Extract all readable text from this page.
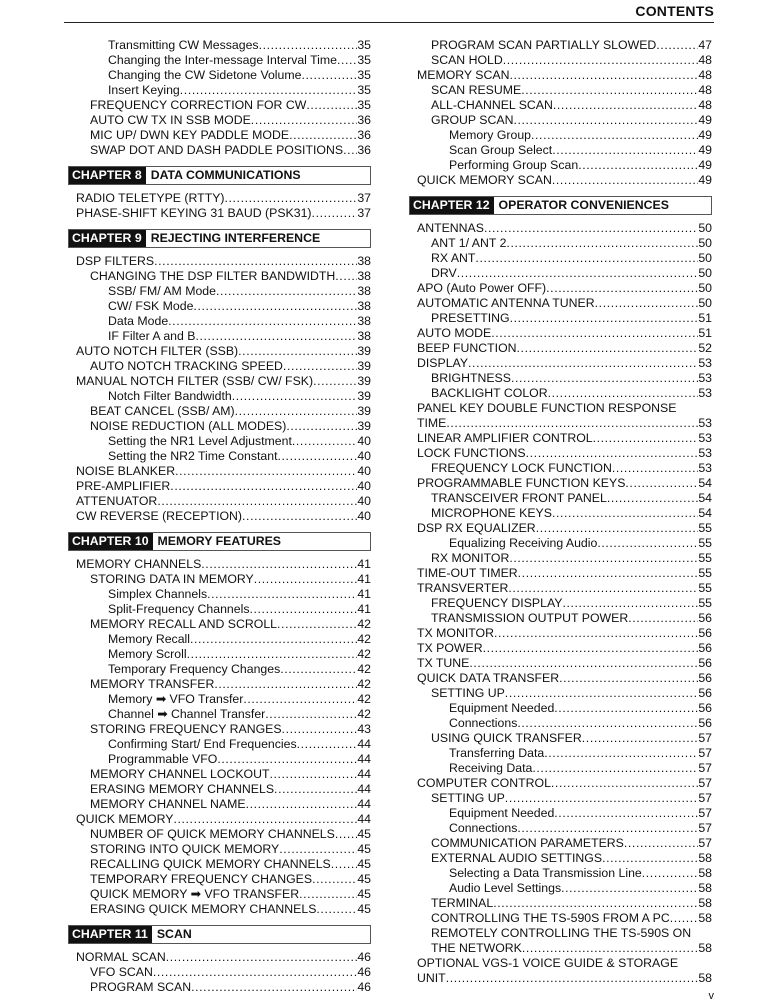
CONTENTS
Transmitting CW Messages .....	35
Changing the Inter-message Interval Time ..... 35
Changing the CW Sidetone Volume .....	35
Insert Keying .....	35
FREQUENCY CORRECTION FOR CW .....	35
AUTO CW TX IN SSB MODE .....	36
MIC UP/ DWN KEY PADDLE MODE .....	36
SWAP DOT AND DASH PADDLE POSITIONS ..... 36
CHAPTER 8 DATA COMMUNICATIONS
RADIO TELETYPE (RTTY) .....	37
PHASE-SHIFT KEYING 31 BAUD (PSK31) .....	37
CHAPTER 9 REJECTING INTERFERENCE
DSP FILTERS .....	38
CHANGING THE DSP FILTER BANDWIDTH ..... 38
SSB/ FM/ AM Mode .....	38
CW/ FSK Mode .....	38
Data Mode .....	38
IF Filter A and B .....	38
AUTO NOTCH FILTER (SSB) .....	39
AUTO NOTCH TRACKING SPEED .....	39
MANUAL NOTCH FILTER (SSB/ CW/ FSK) .....	39
Notch Filter Bandwidth .....	39
BEAT CANCEL (SSB/ AM) .....	39
NOISE REDUCTION (ALL MODES) .....	39
Setting the NR1 Level Adjustment .....	40
Setting the NR2 Time Constant .....	40
NOISE BLANKER .....	40
PRE-AMPLIFIER .....	40
ATTENUATOR .....	40
CW REVERSE (RECEPTION) .....	40
CHAPTER 10 MEMORY FEATURES
MEMORY CHANNELS .....	41
STORING DATA IN MEMORY .....	41
Simplex Channels .....	41
Split-Frequency Channels .....	41
MEMORY RECALL AND SCROLL .....	42
Memory Recall .....	42
Memory Scroll .....	42
Temporary Frequency Changes .....	42
MEMORY TRANSFER .....	42
Memory ➡ VFO Transfer .....	42
Channel ➡ Channel Transfer .....	42
STORING FREQUENCY RANGES .....	43
Confirming Start/ End Frequencies .....	44
Programmable VFO .....	44
MEMORY CHANNEL LOCKOUT .....	44
ERASING MEMORY CHANNELS .....	44
MEMORY CHANNEL NAME .....	44
QUICK MEMORY .....	44
NUMBER OF QUICK MEMORY CHANNELS ..... 45
STORING INTO QUICK MEMORY .....	45
RECALLING QUICK MEMORY CHANNELS ..... 45
TEMPORARY FREQUENCY CHANGES .....	45
QUICK MEMORY ➡ VFO TRANSFER .....	45
ERASING QUICK MEMORY CHANNELS .....	45
CHAPTER 11 SCAN
NORMAL SCAN .....	46
VFO SCAN .....	46
PROGRAM SCAN .....	46
PROGRAM SCAN PARTIALLY SLOWED .....	47
SCAN HOLD .....	48
MEMORY SCAN .....	48
SCAN RESUME .....	48
ALL-CHANNEL SCAN .....	48
GROUP SCAN .....	49
Memory Group .....	49
Scan Group Select .....	49
Performing Group Scan .....	49
QUICK MEMORY SCAN .....	49
CHAPTER 12 OPERATOR CONVENIENCES
ANTENNAS .....	50
ANT 1/ ANT 2 .....	50
RX ANT .....	50
DRV .....	50
APO (Auto Power OFF) .....	50
AUTOMATIC ANTENNA TUNER .....	50
PRESETTING .....	51
AUTO MODE .....	51
BEEP FUNCTION .....	52
DISPLAY .....	53
BRIGHTNESS .....	53
BACKLIGHT COLOR .....	53
PANEL KEY DOUBLE FUNCTION RESPONSE
TIME .....	53
LINEAR AMPLIFIER CONTROL .....	53
LOCK FUNCTIONS .....	53
FREQUENCY LOCK FUNCTION .....	53
PROGRAMMABLE FUNCTION KEYS .....	54
TRANSCEIVER FRONT PANEL .....	54
MICROPHONE KEYS .....	54
DSP RX EQUALIZER .....	55
Equalizing Receiving Audio .....	55
RX MONITOR .....	55
TIME-OUT TIMER .....	55
TRANSVERTER .....	55
FREQUENCY DISPLAY .....	55
TRANSMISSION OUTPUT POWER .....	56
TX MONITOR .....	56
TX POWER .....	56
TX TUNE .....	56
QUICK DATA TRANSFER .....	56
SETTING UP .....	56
Equipment Needed .....	56
Connections .....	56
USING QUICK TRANSFER .....	57
Transferring Data .....	57
Receiving Data .....	57
COMPUTER CONTROL .....	57
SETTING UP .....	57
Equipment Needed .....	57
Connections .....	57
COMMUNICATION PARAMETERS .....	57
EXTERNAL AUDIO SETTINGS .....	58
Selecting a Data Transmission Line .....	58
Audio Level Settings .....	58
TERMINAL .....	58
CONTROLLING THE TS-590S FROM A PC ..... 58
REMOTELY CONTROLLING THE TS-590S ON
THE NETWORK .....	58
OPTIONAL VGS-1 VOICE GUIDE & STORAGE
UNIT .....	58
v
